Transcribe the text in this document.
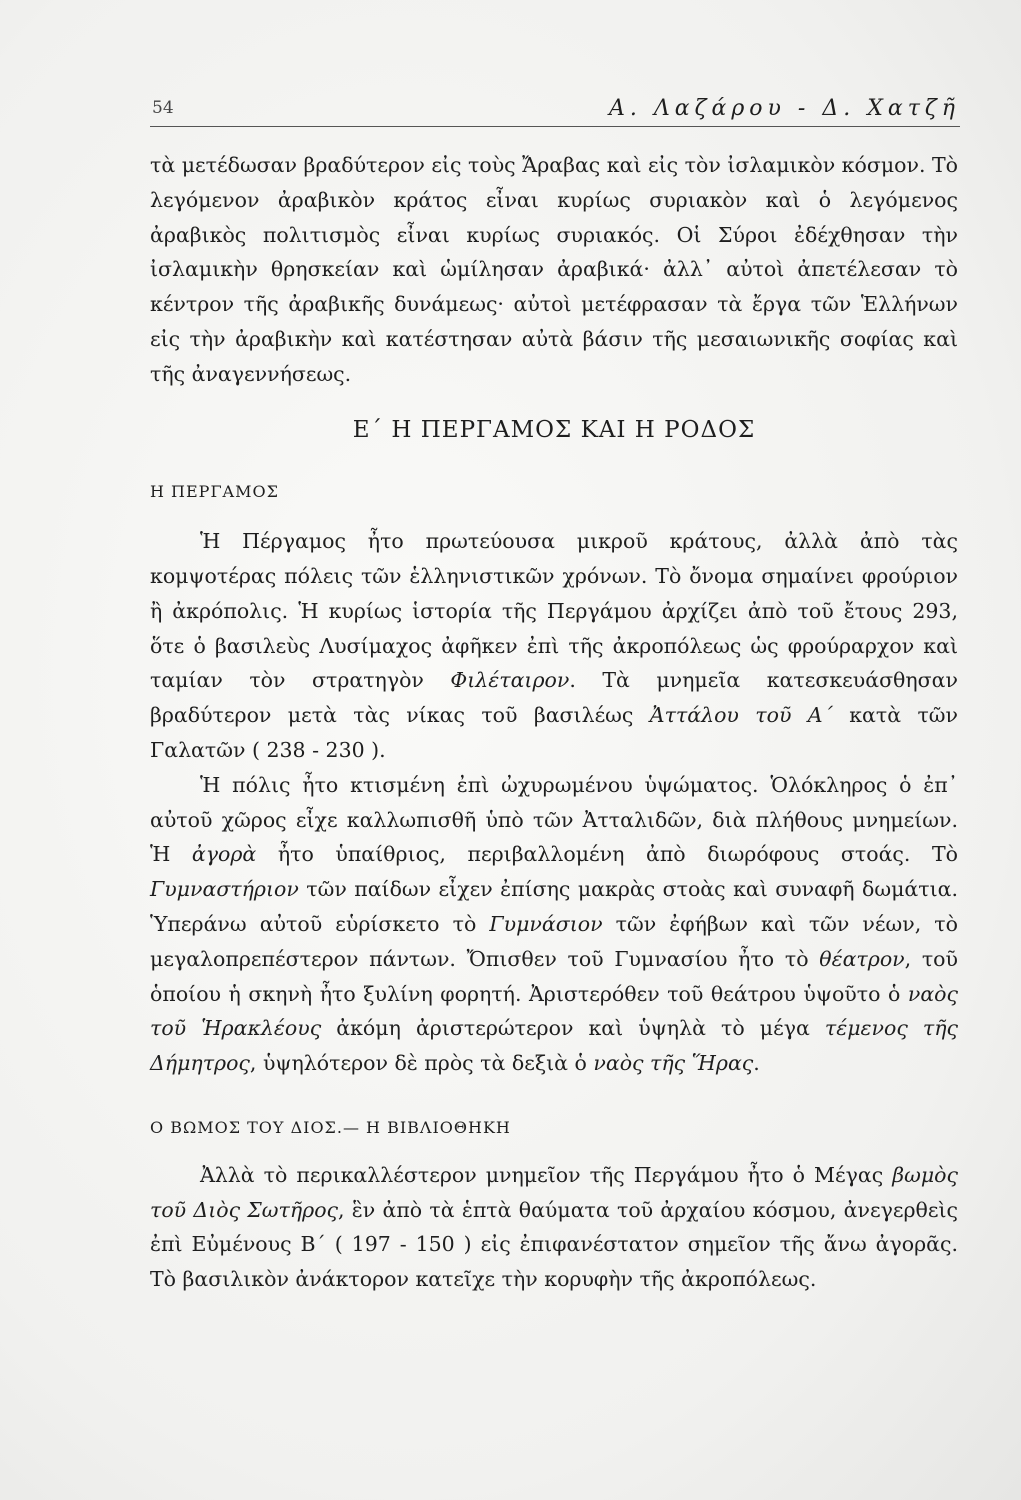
54	Α. Λαζάρου - Δ. Χατζῆ

τὰ μετέδωσαν βραδύτερον εἰς τοὺς Ἄραβας καὶ εἰς τὸν ἰσλαμικὸν κόσμον. Τὸ λεγόμενον ἀραβικὸν κράτος εἶναι κυρίως συριακὸν καὶ ὁ λεγόμενος ἀραβικὸς πολιτισμὸς εἶναι κυρίως συριακός. Οἱ Σύροι ἐδέχθησαν τὴν ἰσλαμικὴν θρησκείαν καὶ ὡμίλησαν ἀραβικά· ἀλλ᾿ αὐτοὶ ἀπετέλεσαν τὸ κέντρον τῆς ἀραβικῆς δυνάμεως· αὐτοὶ μετέφρασαν τὰ ἔργα τῶν Ἑλλήνων εἰς τὴν ἀραβικὴν καὶ κατέστησαν αὐτὰ βάσιν τῆς μεσαιωνικῆς σοφίας καὶ τῆς ἀναγεννήσεως.

Ε΄ Η ΠΕΡΓΑΜΟΣ ΚΑΙ Η ΡΟΔΟΣ

Η ΠΕΡΓΑΜΟΣ

Ἡ Πέργαμος ἦτο πρωτεύουσα μικροῦ κράτους, ἀλλὰ ἀπὸ τὰς κομψοτέρας πόλεις τῶν ἑλληνιστικῶν χρόνων. Τὸ ὄνομα σημαίνει φρούριον ἢ ἀκρόπολις. Ἡ κυρίως ἱστορία τῆς Περγάμου ἀρχίζει ἀπὸ τοῦ ἔτους 293, ὅτε ὁ βασιλεὺς Λυσίμαχος ἀφῆκεν ἐπὶ τῆς ἀκροπόλεως ὡς φρούραρχον καὶ ταμίαν τὸν στρατηγὸν Φιλέταιρον. Τὰ μνημεῖα κατεσκευάσθησαν βραδύτερον μετὰ τὰς νίκας τοῦ βασιλέως Ἀττάλου τοῦ Α΄ κατὰ τῶν Γαλατῶν ( 238 - 230 ).

Ἡ πόλις ἦτο κτισμένη ἐπὶ ὠχυρωμένου ὑψώματος. Ὁλόκληρος ὁ ἐπ᾿ αὐτοῦ χῶρος εἶχε καλλωπισθῆ ὑπὸ τῶν Ἀτταλιδῶν, διὰ πλήθους μνημείων. Ἡ ἀγορὰ ἦτο ὑπαίθριος, περιβαλλομένη ἀπὸ διωρόφους στοάς. Τὸ Γυμναστήριον τῶν παίδων εἶχεν ἐπίσης μακρὰς στοὰς καὶ συναφῆ δωμάτια. Ὑπεράνω αὐτοῦ εὑρίσκετο τὸ Γυμνάσιον τῶν ἐφήβων καὶ τῶν νέων, τὸ μεγαλοπρεπέστερον πάντων. Ὄπισθεν τοῦ Γυμνασίου ἦτο τὸ θέατρον, τοῦ ὁποίου ἡ σκηνὴ ἦτο ξυλίνη φορητή. Ἀριστερόθεν τοῦ θεάτρου ὑψοῦτο ὁ ναὸς τοῦ Ἡρακλέους ἀκόμη ἀριστερώτερον καὶ ὑψηλὰ τὸ μέγα τέμενος τῆς Δήμητρος, ὑψηλότερον δὲ πρὸς τὰ δεξιὰ ὁ ναὸς τῆς Ἥρας.

Ο ΒΩΜΟΣ ΤΟΥ ΔΙΟΣ.— Η ΒΙΒΛΙΟΘΗΚΗ

Ἀλλὰ τὸ περικαλλέστερον μνημεῖον τῆς Περγάμου ἦτο ὁ Μέγας βωμὸς τοῦ Διὸς Σωτῆρος, ἓν ἀπὸ τὰ ἑπτὰ θαύματα τοῦ ἀρχαίου κόσμου, ἀνεγερθεὶς ἐπὶ Εὐμένους Β΄ ( 197 - 150 ) εἰς ἐπιφανέστατον σημεῖον τῆς ἄνω ἀγορᾶς. Τὸ βασιλικὸν ἀνάκτορον κατεῖχε τὴν κορυφὴν τῆς ἀκροπόλεως.
